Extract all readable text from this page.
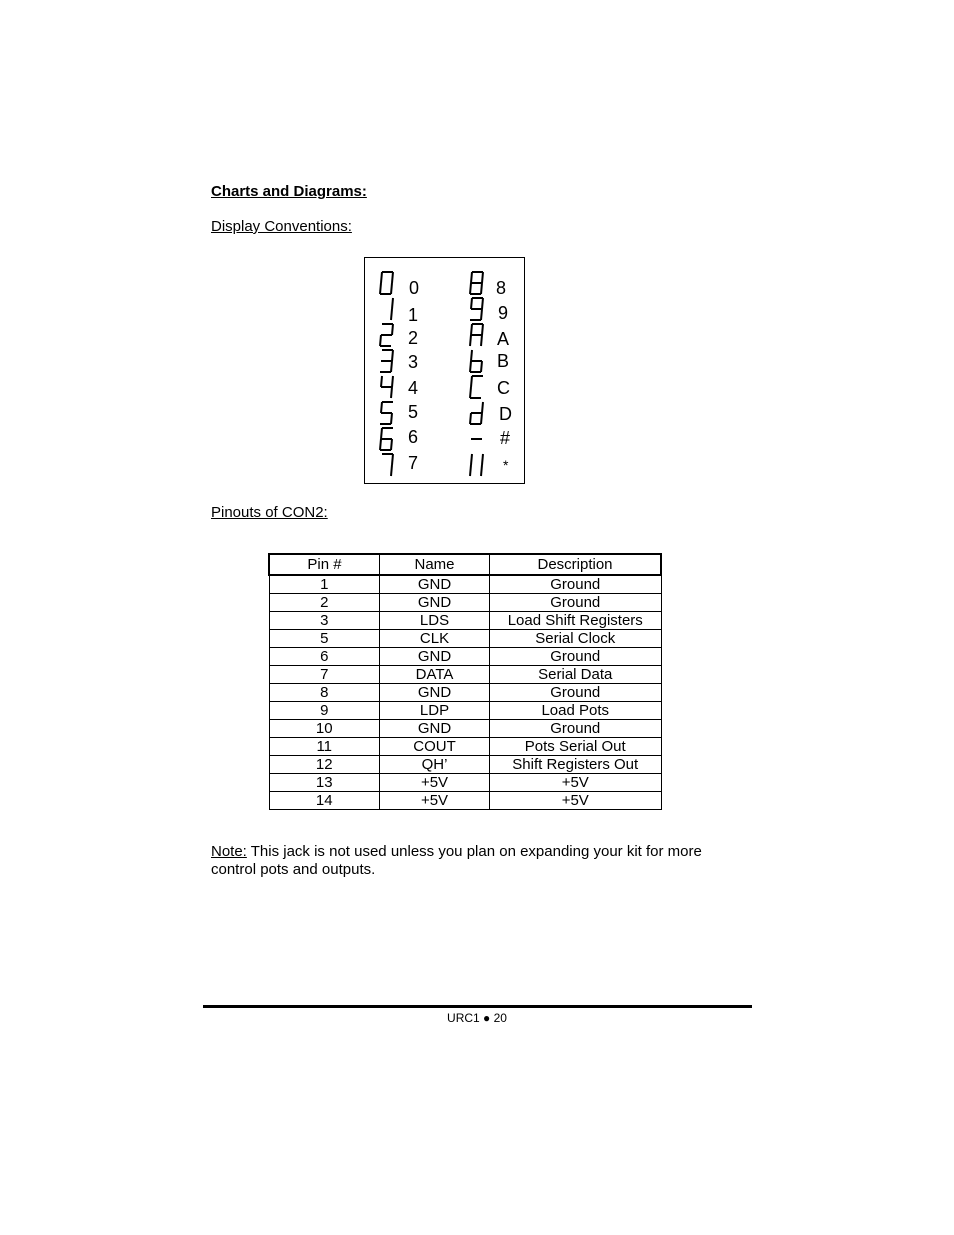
Charts and Diagrams:
Display Conventions:
0
1
2
3
4
5
6
7
8
9
A
B
C
D
#
*
Pinouts of CON2:
Pin #	Name	Description
1	GND	Ground
2	GND	Ground
3	LDS	Load Shift Registers
5	CLK	Serial Clock
6	GND	Ground
7	DATA	Serial Data
8	GND	Ground
9	LDP	Load Pots
10	GND	Ground
11	COUT	Pots Serial Out
12	QH’	Shift Registers Out
13	+5V	+5V
14	+5V	+5V
Note: This jack is not used unless you plan on expanding your kit for more control pots and outputs.
URC1 ● 20
